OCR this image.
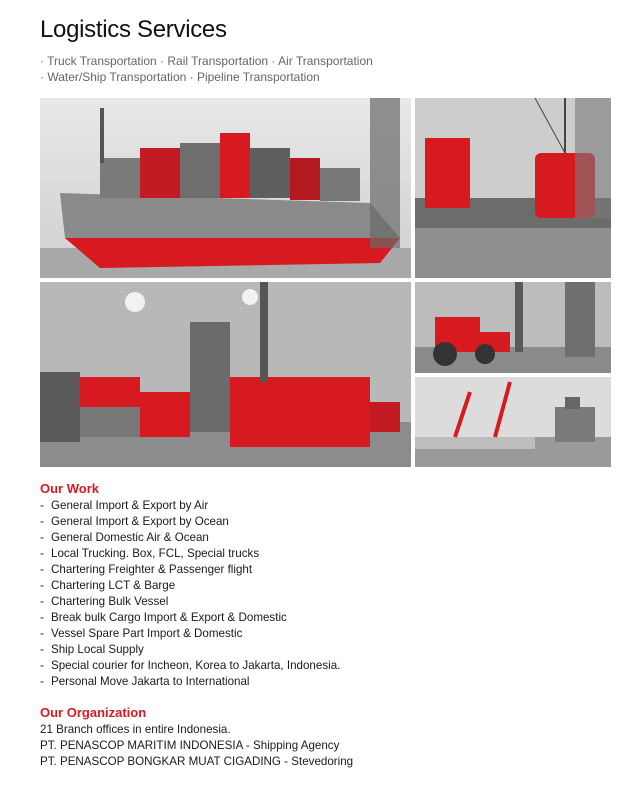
Logistics Services
· Truck Transportation · Rail Transportation · Air Transportation
· Water/Ship Transportation · Pipeline Transportation
Our Work
- General Import & Export by Air
- General Import & Export by Ocean
- General Domestic Air & Ocean
- Local Trucking. Box, FCL, Special trucks
- Chartering Freighter & Passenger flight
- Chartering LCT & Barge
- Chartering Bulk Vessel
- Break bulk Cargo Import & Export & Domestic
- Vessel Spare Part Import & Domestic
- Ship Local Supply
- Special courier for Incheon, Korea to Jakarta, Indonesia.
- Personal Move Jakarta to International
Our Organization
21 Branch offices in entire Indonesia.
PT. PENASCOP MARITIM INDONESIA - Shipping Agency
PT. PENASCOP BONGKAR MUAT CIGADING - Stevedoring
